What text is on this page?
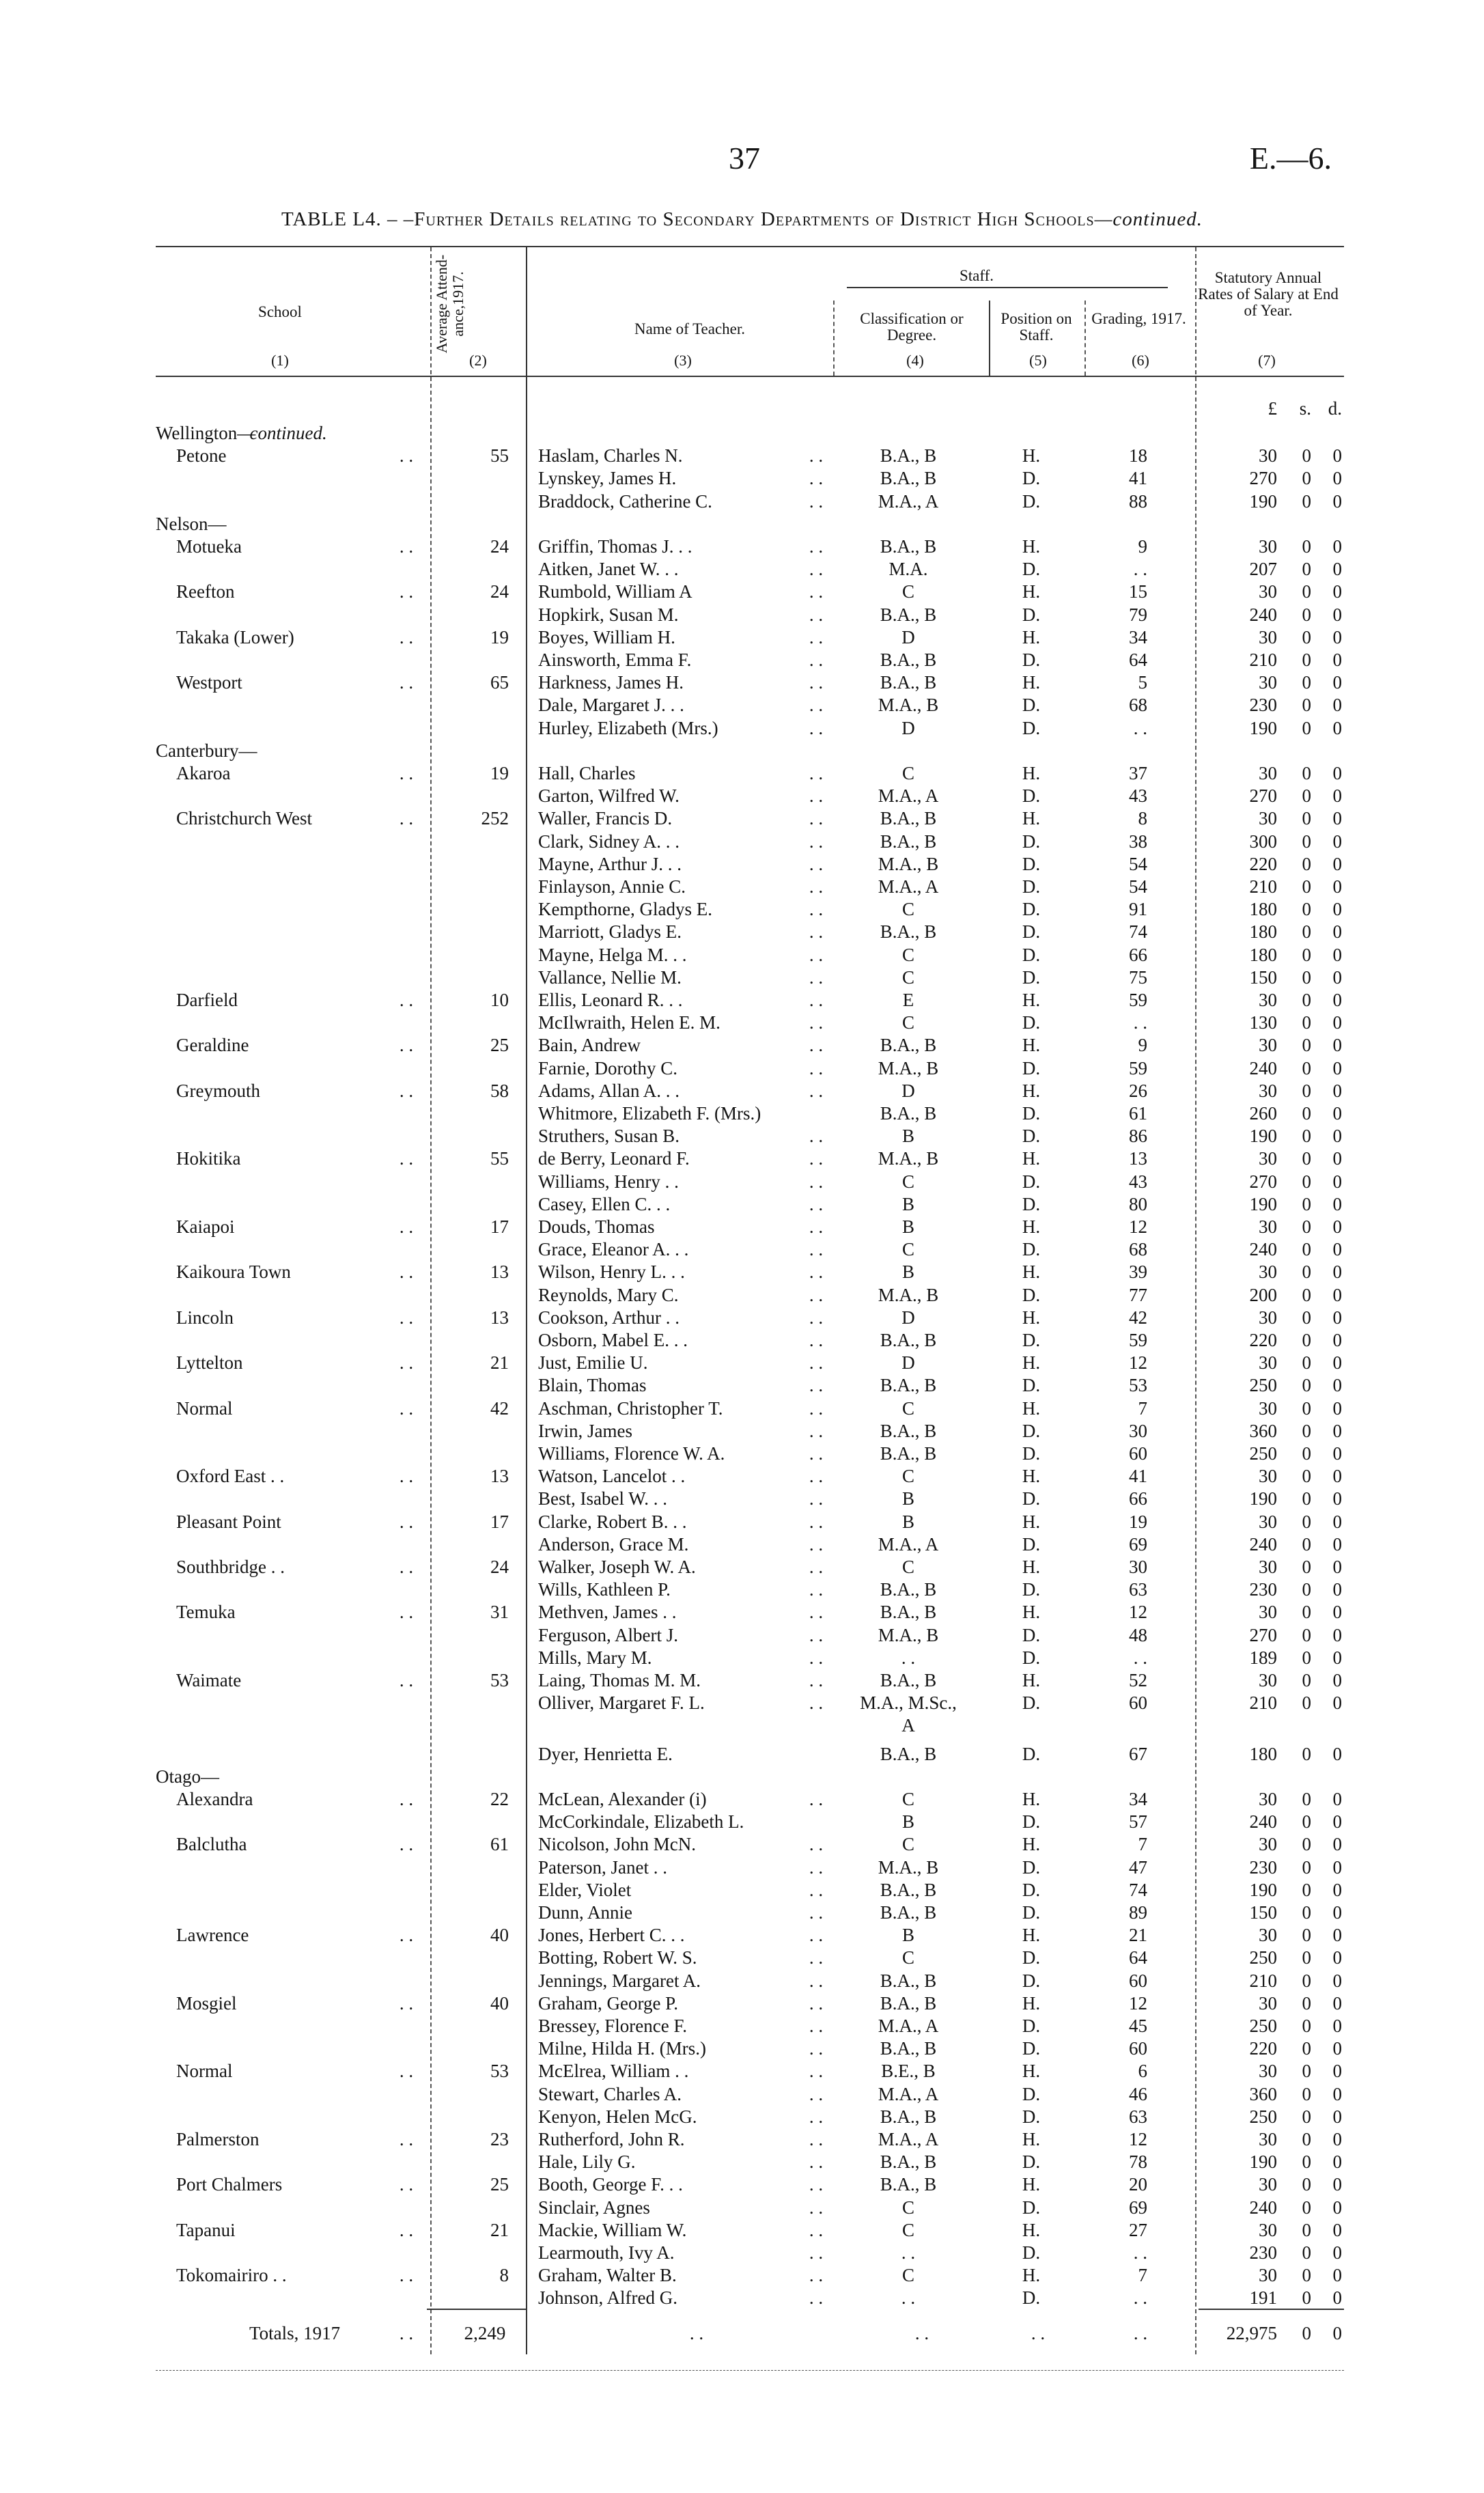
37	E.—6.
TABLE L4. – –Further Details relating to Secondary Departments of District High Schools—continued.
School	Average Attend-ance,1917.	Staff.
Name of Teacher.
Classification or Degree.
Position on Staff.
Grading, 1917.
Statutory Annual Rates of Salary at End of Year.
(1)	(2)	(3)	(4)	(5)	(6)	(7)
£	s. d.
Wellington—
continued.
Petone	. .	55 Haslam, Charles N.	. .	B.A., B	H.	18	30	0	0
Lynskey, James H.	. .	B.A., B	D.	41	270	0	0
Braddock, Catherine C.	. .	M.A., A	D.	88	190	0	0
Nelson—
Motueka	. .	24 Griffin, Thomas J. . .	. .	B.A., B	H.	9	30	0	0
Aitken, Janet W. . .	. .	M.A.	D.	. .	207	0	0
Reefton	. .	24 Rumbold, William A	. .	C	H.	15	30	0	0
Hopkirk, Susan M.	. .	B.A., B	D.	79	240	0	0
Takaka (Lower)	. .	19 Boyes, William H.	. .	D	H.	34	30	0	0
Ainsworth, Emma F.	. .	B.A., B	D.	64	210	0	0
Westport	. .	65 Harkness, James H.	. .	B.A., B	H.	5	30	0	0
Dale, Margaret J. . .	. .	M.A., B	D.	68	230	0	0
Hurley, Elizabeth (Mrs.)	. .	D	D.	. .	190	0	0
Canterbury—
Akaroa	. .	19 Hall, Charles	. .	C	H.	37	30	0	0
Garton, Wilfred W.	. .	M.A., A	D.	43	270	0	0
Christchurch West	. .	252 Waller, Francis D.	. .	B.A., B	H.	8	30	0	0
Clark, Sidney A. . .	. .	B.A., B	D.	38	300	0	0
Mayne, Arthur J. . .	. .	M.A., B	D.	54	220	0	0
Finlayson, Annie C.	. .	M.A., A	D.	54	210	0	0
Kempthorne, Gladys E.	. .	C	D.	91	180	0	0
Marriott, Gladys E.	. .	B.A., B	D.	74	180	0	0
Mayne, Helga M. . .	. .	C	D.	66	180	0	0
Vallance, Nellie M.	. .	C	D.	75	150	0	0
Darfield	. .	10 Ellis, Leonard R. . .	. .	E	H.	59	30	0	0
McIlwraith, Helen E. M.	. .	C	D.	. .	130	0	0
Geraldine	. .	25 Bain, Andrew	. .	B.A., B	H.	9	30	0	0
Farnie, Dorothy C.	. .	M.A., B	D.	59	240	0	0
Greymouth	. .	58 Adams, Allan A. . .	. .	D	H.	26	30	0	0
Whitmore, Elizabeth F. (Mrs.)	B.A., B	D.	61	260	0	0
Struthers, Susan B.	. .	B	D.	86	190	0	0
Hokitika	. .	55 de Berry, Leonard F.	. .	M.A., B	H.	13	30	0	0
Williams, Henry . .	. .	C	D.	43	270	0	0
Casey, Ellen C. . .	. .	B	D.	80	190	0	0
Kaiapoi	. .	17 Douds, Thomas	. .	B	H.	12	30	0	0
Grace, Eleanor A. . .	. .	C	D.	68	240	0	0
Kaikoura Town	. .	13 Wilson, Henry L. . .	. .	B	H.	39	30	0	0
Reynolds, Mary C.	. .	M.A., B	D.	77	200	0	0
Lincoln	. .	13 Cookson, Arthur . .	. .	D	H.	42	30	0	0
Osborn, Mabel E. . .	. .	B.A., B	D.	59	220	0	0
Lyttelton	. .	21 Just, Emilie U.	. .	D	H.	12	30	0	0
Blain, Thomas	. .	B.A., B	D.	53	250	0	0
Normal	. .	42 Aschman, Christopher T.	. .	C	H.	7	30	0	0
Irwin, James	. .	B.A., B	D.	30	360	0	0
Williams, Florence W. A.	. .	B.A., B	D.	60	250	0	0
Oxford East . .	. .	13 Watson, Lancelot . .	. .	C	H.	41	30	0	0
Best, Isabel W. . .	. .	B	D.	66	190	0	0
Pleasant Point	. .	17 Clarke, Robert B. . .	. .	B	H.	19	30	0	0
Anderson, Grace M.	. .	M.A., A	D.	69	240	0	0
Southbridge . .	. .	24 Walker, Joseph W. A.	. .	C	H.	30	30	0	0
Wills, Kathleen P.	. .	B.A., B	D.	63	230	0	0
Temuka	. .	31 Methven, James . .	. .	B.A., B	H.	12	30	0	0
Ferguson, Albert J.	. .	M.A., B	D.	48	270	0	0
Mills, Mary M.	. .	. .	D.	. .	189	0	0
Waimate	. .	53 Laing, Thomas M. M.	. .	B.A., B	H.	52	30	0	0
Olliver, Margaret F. L.	. .	M.A., M.Sc.,	D.	60	210	0	0
A
Dyer, Henrietta E.	B.A., B	D.	67	180	0	0
Otago—
Alexandra	. .	22 McLean, Alexander (i)	. .	C	H.	34	30	0	0
McCorkindale, Elizabeth L.	B	D.	57	240	0	0
Balclutha	. .	61 Nicolson, John McN.	. .	C	H.	7	30	0	0
Paterson, Janet . .	. .	M.A., B	D.	47	230	0	0
Elder, Violet	. .	B.A., B	D.	74	190	0	0
Dunn, Annie	. .	B.A., B	D.	89	150	0	0
Lawrence	. .	40 Jones, Herbert C. . .	. .	B	H.	21	30	0	0
Botting, Robert W. S.	. .	C	D.	64	250	0	0
Jennings, Margaret A.	. .	B.A., B	D.	60	210	0	0
Mosgiel	. .	40 Graham, George P.	. .	B.A., B	H.	12	30	0	0
Bressey, Florence F.	. .	M.A., A	D.	45	250	0	0
Milne, Hilda H. (Mrs.)	. .	B.A., B	D.	60	220	0	0
Normal	. .	53 McElrea, William . .	. .	B.E., B	H.	6	30	0	0
Stewart, Charles A.	. .	M.A., A	D.	46	360	0	0
Kenyon, Helen McG.	. .	B.A., B	D.	63	250	0	0
Palmerston	. .	23 Rutherford, John R.	. .	M.A., A	H.	12	30	0	0
Hale, Lily G.	. .	B.A., B	D.	78	190	0	0
Port Chalmers	. .	25 Booth, George F. . .	. .	B.A., B	H.	20	30	0	0
Sinclair, Agnes	. .	C	D.	69	240	0	0
Tapanui	. .	21 Mackie, William W.	. .	C	H.	27	30	0	0
Learmouth, Ivy A.	. .	. .	D.	. .	230	0	0
Tokomairiro . .	. .	8 Graham, Walter B.	. .	C	H.	7	30	0	0
Johnson, Alfred G.	. .	. .	D.	. .	191	0	0
Totals, 1917	. .	2,249	. .	. .	. .	. .	22,975	0	0
